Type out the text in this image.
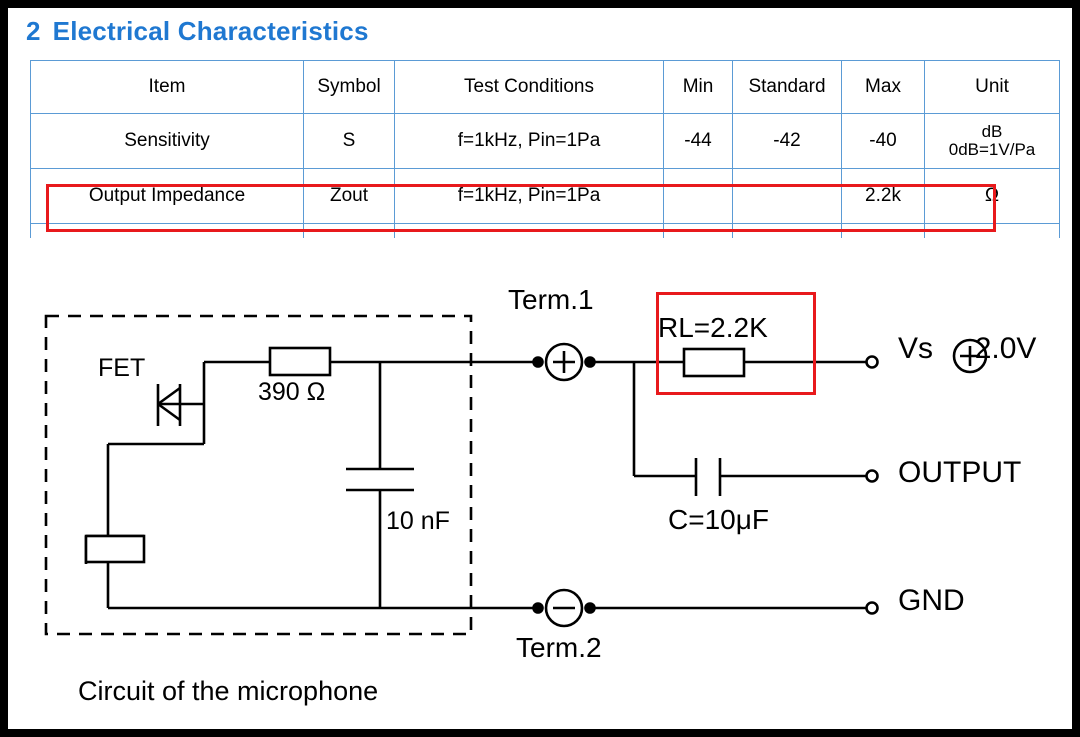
2 Electrical Characteristics
Item	Symbol	Test Conditions	Min	Standard	Max	Unit
Sensitivity	S	f=1kHz, Pin=1Pa	-44	-42	-40	dB
0dB=1V/Pa

Output Impedance	Zout	f=1kHz, Pin=1Pa			2.2k	Ω

Term.1
Term.2
FET
390 Ω
10 nF
RL=2.2K
C=10μF
Vs 2.0V
OUTPUT
GND
Circuit of the microphone
